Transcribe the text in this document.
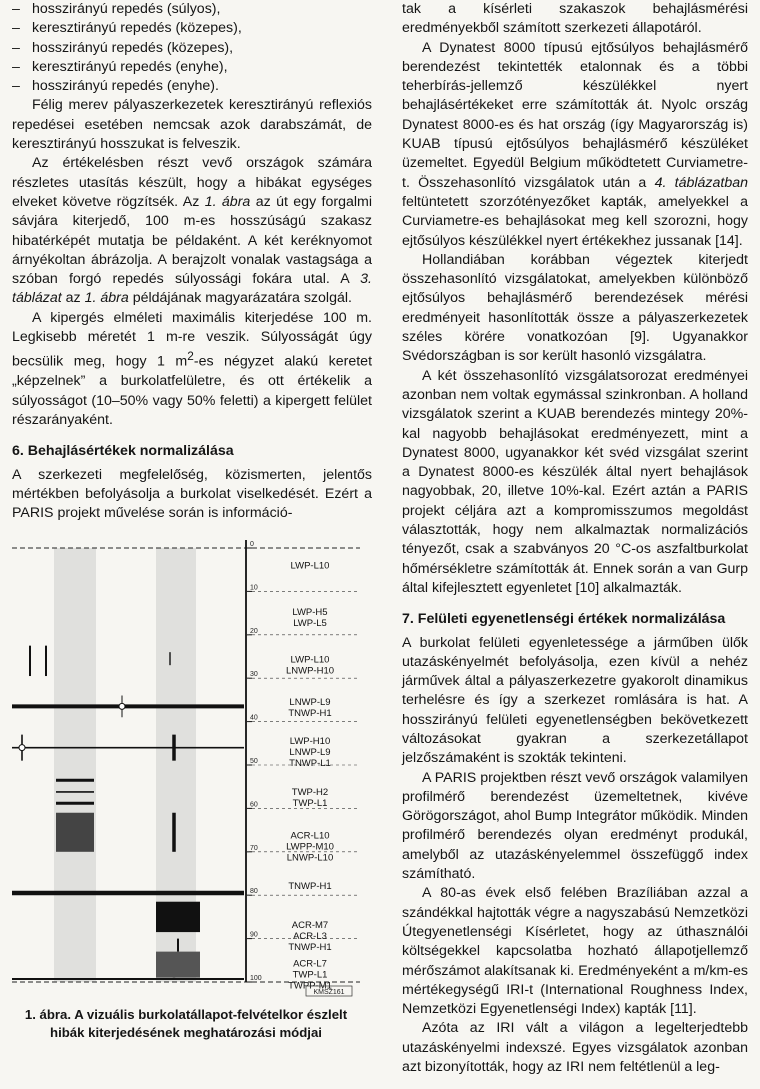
– hosszirányú repedés (súlyos),

– keresztirányú repedés (közepes),

– hosszirányú repedés (közepes),

– keresztirányú repedés (enyhe),

– hosszirányú repedés (enyhe).

Félig merev pályaszerkezetek keresztirányú reflexiós repedései esetében nemcsak azok darabszámát, de keresztirányú hosszukat is felveszik.

Az értékelésben részt vevő országok számára részletes utasítás készült, hogy a hibákat egységes elveket követve rögzítsék. Az 1. ábra az út egy forgalmi sávjára kiterjedő, 100 m-es hosszúságú szakasz hibatérképét mutatja be példaként. A két keréknyomot árnyékoltan ábrázolja. A berajzolt vonalak vastagsága a szóban forgó repedés súlyossági fokára utal. A 3. táblázat az 1. ábra példájának magyarázatára szolgál.

A kipergés elméleti maximális kiterjedése 100 m. Legkisebb méretét 1 m-re veszik. Súlyosságát úgy becsülik meg, hogy 1 $m^2-es$ négyzet alakú keretet „képzelnek” a burkolatfelületre, és ott értékelik a súlyosságot (10–50% vagy 50% feletti) a kipergett felület részarányaként.

6. Behajlásértékek normalizálása

A szerkezeti megfelelőség, közismerten, jelentős mértékben befolyásolja a burkolat viselkedését. Ezért a PARIS projekt művelése során is információ-

0
10
20
30
40
50
60
70
80
90
100
LWP-L10
LWP-H5
LWP-L5
LWP-L10
LNWP-H10
LNWP-L9
TNWP-H1
LWP-H10
LNWP-L9
TNWP-L1
TWP-H2
TWP-L1
ACR-L10
LWPP-M10
LNWP-L10
TNWP-H1
ACR-M7
ACR-L3
TNWP-H1
ACR-L7
TWP-L1
TWPP-M1
KMSZ161
1. ábra. A vizuális burkolatállapot-felvételkor észlelt hibák kiterjedésének meghatározási módjai

tak a kísérleti szakaszok behajlásmérési eredményekből számított szerkezeti állapotáról.

A Dynatest 8000 típusú ejtősúlyos behajlásmérő berendezést tekintették etalonnak és a többi teherbírás-jellemző készülékkel nyert behajlásértékeket erre számították át. Nyolc ország Dynatest 8000-es és hat ország (így Magyarország is) KUAB típusú ejtősúlyos behajlásmérő készüléket üzemeltet. Egyedül Belgium működtetett Curviametre-t. Összehasonlító vizsgálatok után a 4. táblázatban feltüntetett szorzótényezőket kapták, amelyekkel a Curviametre-es behajlásokat meg kell szorozni, hogy ejtősúlyos készülékkel nyert értékekhez jussanak [14].

Hollandiában korábban végeztek kiterjedt összehasonlító vizsgálatokat, amelyekben különböző ejtősúlyos behajlásmérő berendezések mérési eredményeit hasonlították össze a pályaszerkezetek széles körére vonatkozóan [9]. Ugyanakkor Svédországban is sor került hasonló vizsgálatra.

A két összehasonlító vizsgálatsorozat eredményei azonban nem voltak egymással szinkronban. A holland vizsgálatok szerint a KUAB berendezés mintegy 20%-kal nagyobb behajlásokat eredményezett, mint a Dynatest 8000, ugyanakkor két svéd vizsgálat szerint a Dynatest 8000-es készülék által nyert behajlások nagyobbak, 20, illetve 10%-kal. Ezért aztán a PARIS projekt céljára azt a kompromisszumos megoldást választották, hogy nem alkalmaztak normalizációs tényezőt, csak a szabványos 20 °C-os aszfaltburkolat hőmérsékletre számították át. Ennek során a van Gurp által kifejlesztett egyenletet [10] alkalmazták.

7. Felületi egyenetlenségi értékek normalizálása

A burkolat felületi egyenletessége a járműben ülők utazáskényelmét befolyásolja, ezen kívül a nehéz járművek által a pályaszerkezetre gyakorolt dinamikus terhelésre és így a szerkezet romlására is hat. A hosszirányú felületi egyenetlenségben bekövetkezett változásokat gyakran a szerkezetállapot jelzőszámaként is szokták tekinteni.

A PARIS projektben részt vevő országok valamilyen profilmérő berendezést üzemeltetnek, kivéve Görögországot, ahol Bump Integrátor működik. Minden profilmérő berendezés olyan eredményt produkál, amelyből az utazáskényelemmel összefüggő index számítható.

A 80-as évek első felében Brazíliában azzal a szándékkal hajtották végre a nagyszabású Nemzetközi Útegyenetlenségi Kísérletet, hogy az úthasználói költségekkel kapcsolatba hozható állapotjellemző mérőszámot alakítsanak ki. Eredményeként a m/km-es mértékegységű IRI-t (International Roughness Index, Nemzetközi Egyenetlenségi Index) kapták [11].

Azóta az IRI vált a világon a legelterjedtebb utazáskényelmi indexszé. Egyes vizsgálatok azonban azt bizonyították, hogy az IRI nem feltétlenül a leg-
